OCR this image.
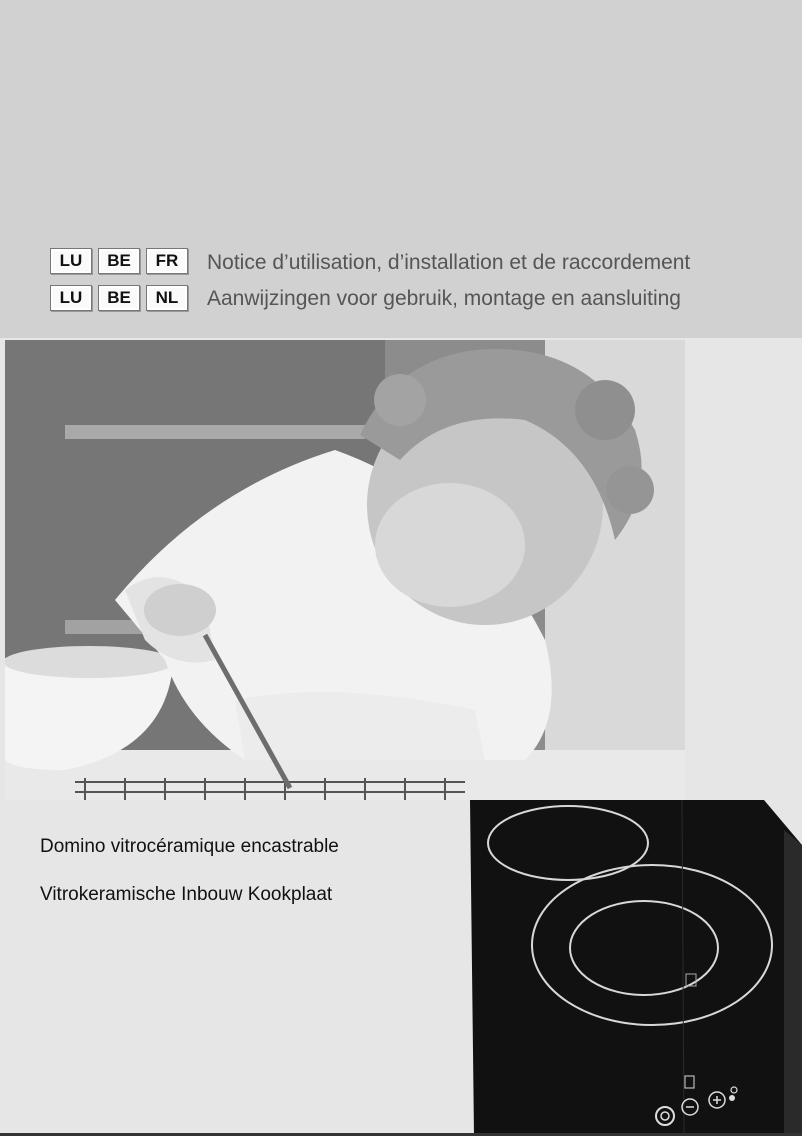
LU	BE	FR	Notice d’utilisation, d’installation et de raccordement
LU	BE	NL	Aanwijzingen voor gebruik, montage en aansluiting
Domino vitrocéramique encastrable
Vitrokeramische Inbouw Kookplaat
